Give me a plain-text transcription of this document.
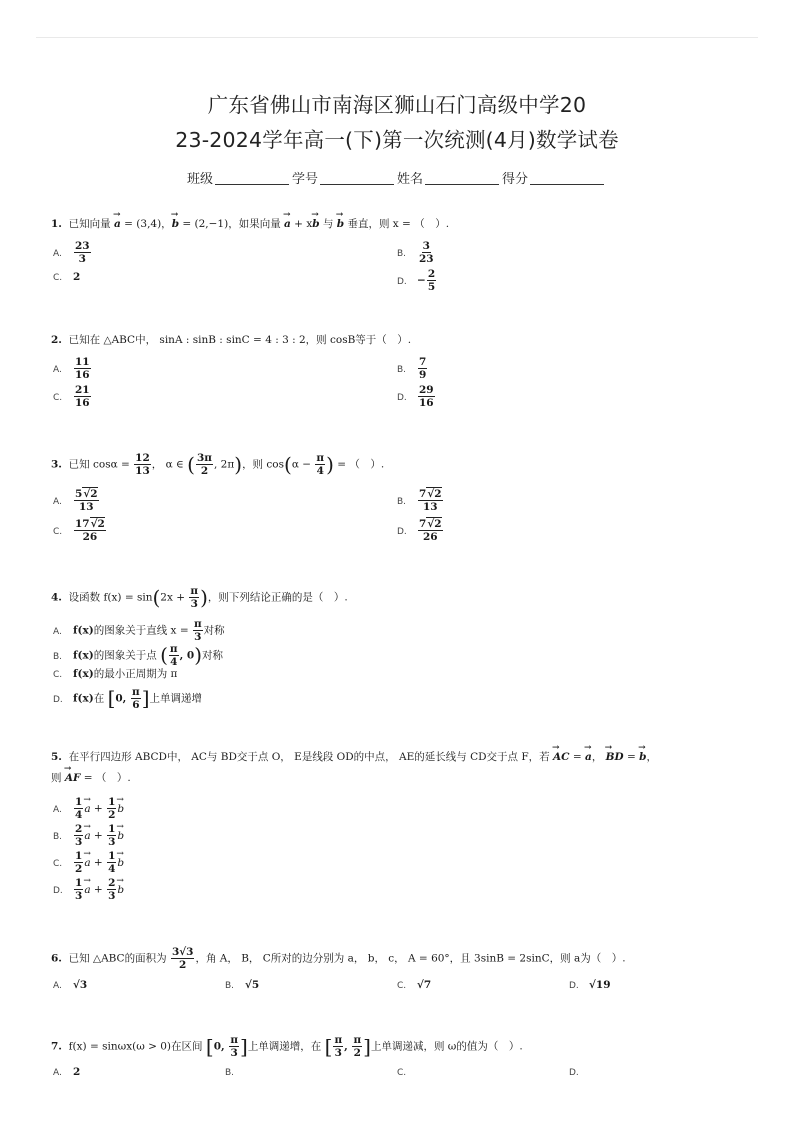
广东省佛山市南海区狮山石门高级中学20
23-2024学年高一(下)第一次统测(4月)数学试卷
班级	学号	姓名	得分
1. 已知向量 → a = (3,4)，→ b = (2,−1)，如果向量 → a + x→ b 与 → b 垂直，则 x = （　）.
A. $\frac{23}{3}$	B. $\frac{3}{23}$
C. 2	D. − $\frac{2}{5}$
2. 已知在 △ABC中， sinA : sinB : sinC = 4 : 3 : 2，则 cosB等于（　）.
A. $\frac{11}{16}$	B. $\frac{7}{9}$
C. $\frac{21}{16}$	D. $\frac{29}{16}$
3. 已知 $\cos\alpha = \frac{12}{13}$ ， α ∈ ( $\frac{3\pi}{2}$ , 2π)，则 $\cos(\alpha - \frac{\pi}{4}$ ) = （　）.
A. $\frac{5√2}{13}$	B. $\frac{7√2}{13}$
C. $\frac{17√2}{26}$	D. $\frac{7√2}{26}$
4. 设函数 $f(x) = \sin(2x + \frac{\pi}{3}$ )，则下列结论正确的是（　）.
A. f(x)的图象关于直线 $x = \frac{\pi}{3}$ 对称
B. f(x)的图象关于点 ( $\frac{\pi}{4}$ , 0)对称
C. f(x)的最小正周期为 π
D. f(x)在 [0, $\frac{\pi}{6}$ ]上单调递增
5. 在平行四边形 ABCD中， AC与 BD交于点 O， E是线段 OD的中点， AE的延长线与 CD交于点 F，若 → AC = → a， → BD = → b，
则 → AF = （　）.
A. $\frac{1}{4}$
→ $a + \frac{1}{2}$
→ b
B. $\frac{2}{3}$
→ $a + \frac{1}{3}$
→ b
C. $\frac{1}{2}$
→ $a + \frac{1}{4}$
→ b
D. $\frac{1}{3}$
→ $a + \frac{2}{3}$
→ b
6. 已知 △ABC的面积为 $\frac{3√3}{2}$ ，角 A， B， C所对的边分别为 a， b， c， A = 60°，且 3sinB = 2sinC，则 a为（　）.
A. √3	B. √5	C. √7	D. √19
7. f(x) = sinωx(ω > 0)在区间 [0, $\frac{\pi}{3}$ ]上单调递增，在 [ $\frac{\pi}{3}$ , $\frac{\pi}{2}$ ]上单调递减，则 ω的值为（　）.
A. 2	B.	C.	D.
